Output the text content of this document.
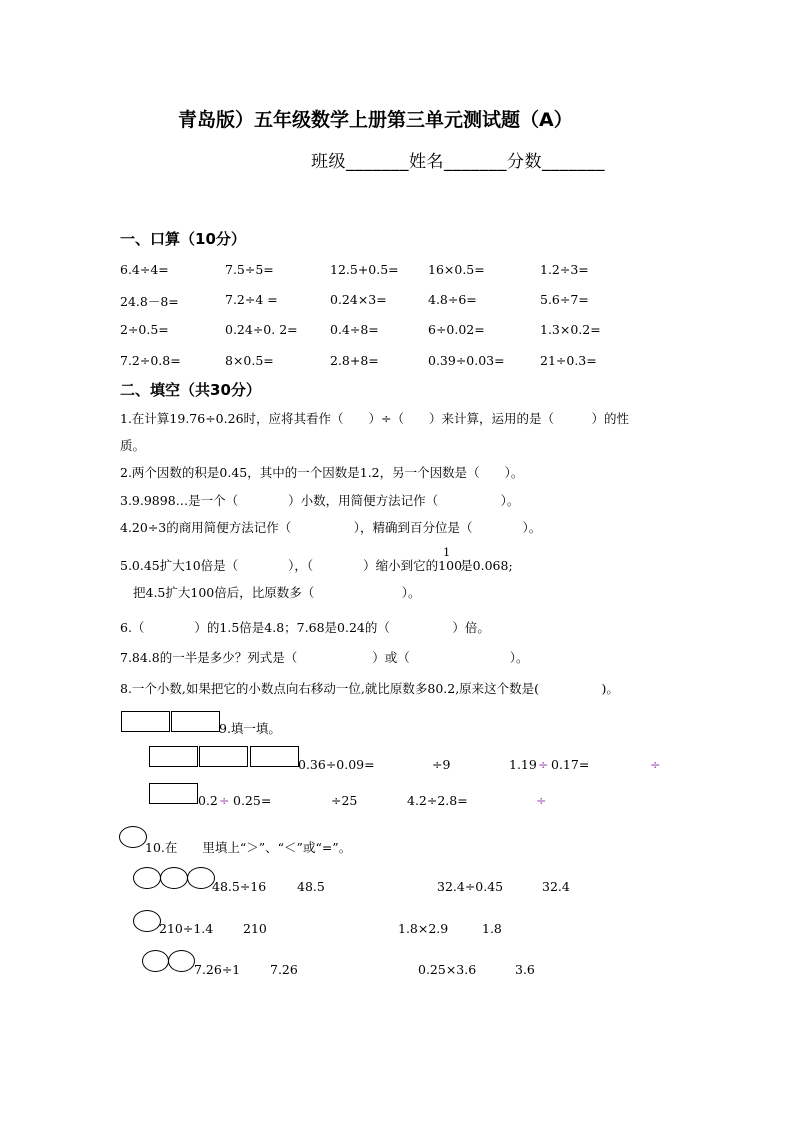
青岛版）五年级数学上册第三单元测试题（A）
班级_______姓名_______分数_______
一、口算（10分）
6.4÷4=	7.5÷5=	12.5+0.5= 16×0.5=	1.2÷3=
24.8－8=	7.2÷4 =	0.24×3=	4.8÷6=	5.6÷7=
2÷0.5=	0.24÷0. 2=	0.4÷8=	6÷0.02=	1.3×0.2=
7.2÷0.8=	8×0.5=	2.8+8=	0.39÷0.03=	21÷0.3=
二、填空（共30分）
1.在计算19.76÷0.26时，应将其看作（　　）÷（　　）来计算，运用的是（　　　）的性
质。
2.两个因数的积是0.45，其中的一个因数是1.2，另一个因数是（　　）。
3.9.9898…是一个（　　　　）小数，用简便方法记作（　　　　　）。
4.20÷3的商用简便方法记作（　　　　　），精确到百分位是（　　　　）。
5.0.45扩大10倍是（　　　　），（　　　　）缩小到它的
1
100
是0.068;
把4.5扩大100倍后，比原数多（　　　　　　　）。
6.（　　　　）的1.5倍是4.8；7.68是0.24的（　　　　　）倍。
7.84.8的一半是多少？列式是（　　　　　　）或（　　　　　　　　）。
8.一个小数,如果把它的小数点向右移动一位,就比原数多80.2,原来这个数是(　　　　　)。
9.填一填。
0.36÷0.09=	÷9	1.19 ÷ 0.17=	÷
0.2 ÷ 0.25=	÷25	4.2÷2.8=	÷
10.在　　里填上“＞”、“＜”或“=”。
48.5÷16 48.5	32.4÷0.45	32.4
210÷1.4 210	1.8×2.9	1.8
7.26÷1 7.26	0.25×3.6	3.6
